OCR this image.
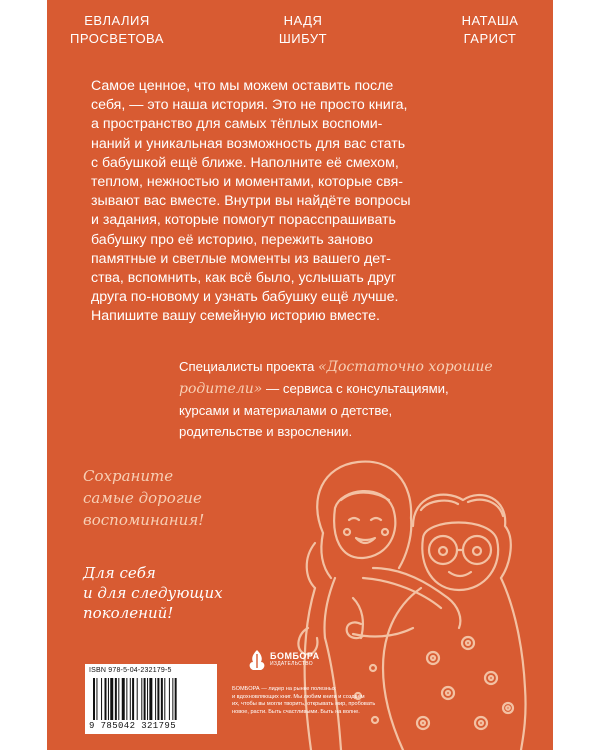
ЕВЛАЛИЯ
ПРОСВЕТОВА
НАДЯ
ШИБУТ
НАТАША
ГАРИСТ
Самое ценное, что мы можем оставить после
себя, — это наша история. Это не просто книга,
а пространство для самых тёплых воспоми-
наний и уникальная возможность для вас стать
с бабушкой ещё ближе. Наполните её смехом,
теплом, нежностью и моментами, которые свя-
зывают вас вместе. Внутри вы найдёте вопросы
и задания, которые помогут порасспрашивать
бабушку про её историю, пережить заново
памятные и светлые моменты из вашего дет-
ства, вспомнить, как всё было, услышать друг
друга по-новому и узнать бабушку ещё лучше.
Напишите вашу семейную историю вместе.
Специалисты проекта «Достаточно хорошие
родители» — сервиса с консультациями,
курсами и материалами о детстве,
родительстве и взрослении.
Сохраните
самые дорогие
воспоминания!
Для себя
и для следующих
поколений!
ISBN 978-5-04-232179-5
9 785042 321795
БОМБОРА
ИЗДАТЕЛЬСТВО
БОМБОРА — лидер на рынке полезных
и вдохновляющих книг. Мы любим книги и создаем
их, чтобы вы могли творить, открывать мир, пробовать
новое, расти. Быть счастливыми. Быть на волне.
